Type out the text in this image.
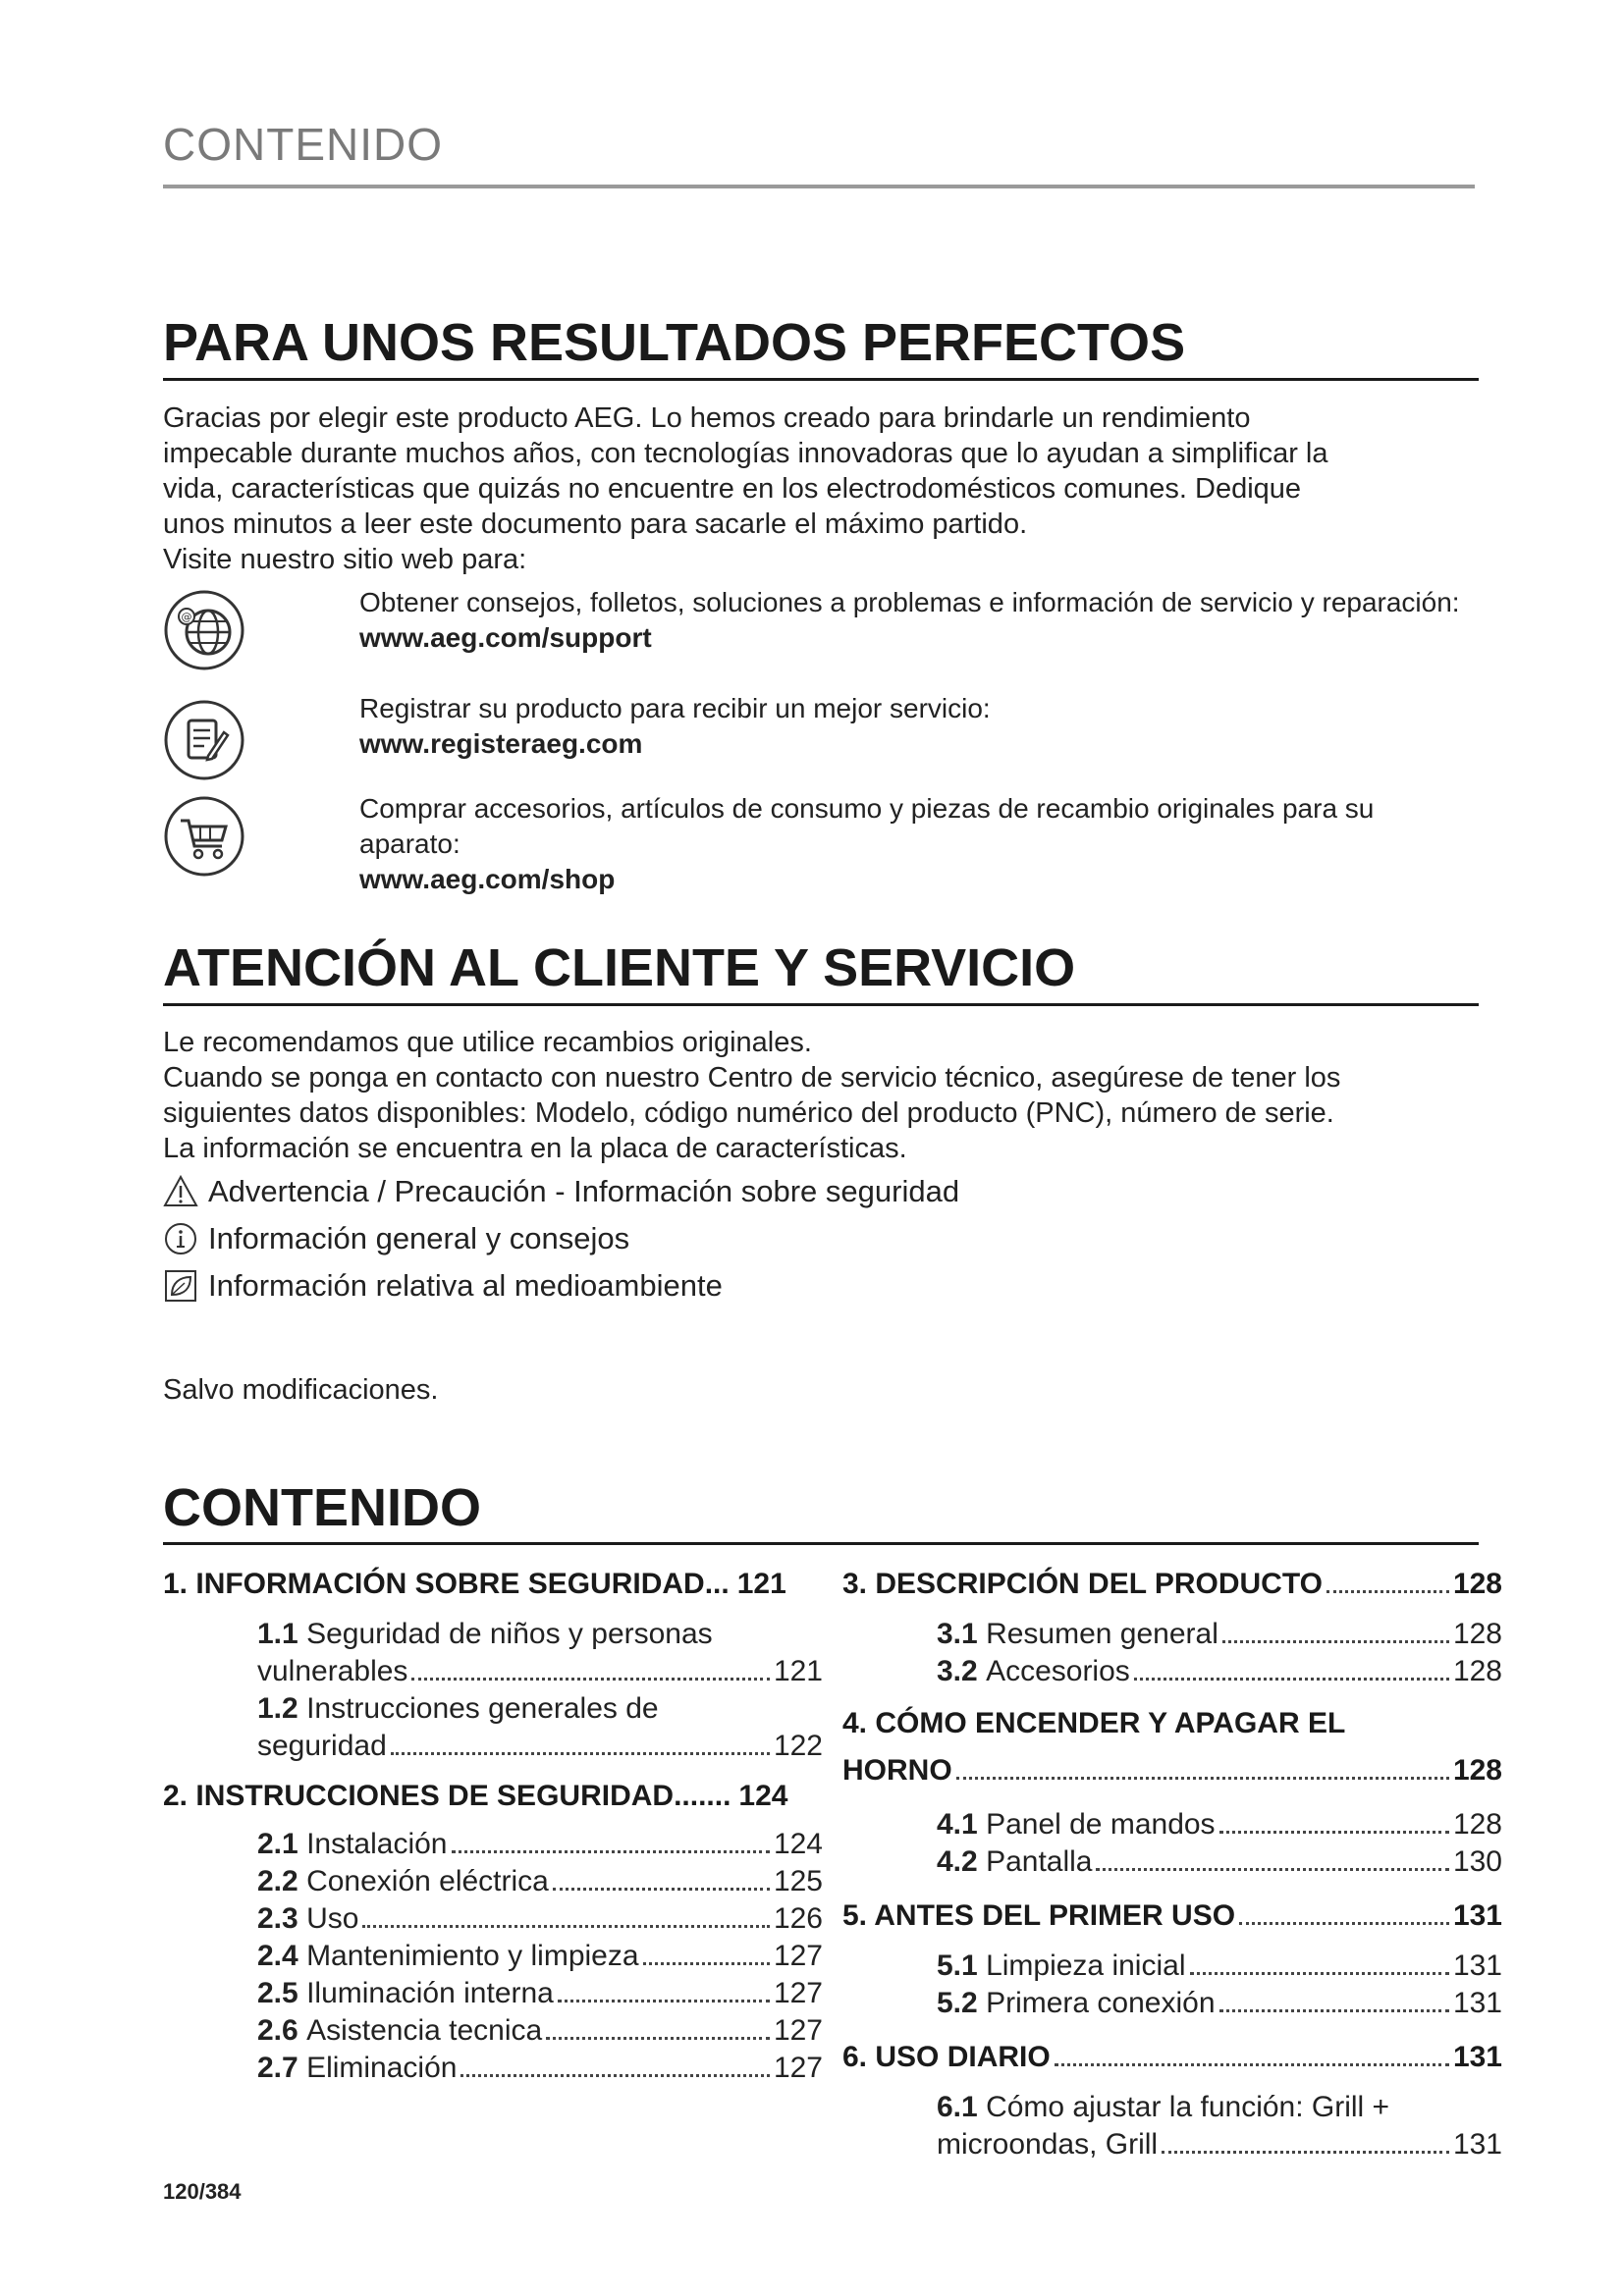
CONTENIDO
PARA UNOS RESULTADOS PERFECTOS

Gracias por elegir este producto AEG. Lo hemos creado para brindarle un rendimiento

impecable durante muchos años, con tecnologías innovadoras que lo ayudan a simplificar la

vida, características que quizás no encuentre en los electrodomésticos comunes. Dedique

unos minutos a leer este documento para sacarle el máximo partido.

Visite nuestro sitio web para:

@	Obtener consejos, folletos, soluciones a problemas e información de servicio y reparación:

www.aeg.com/support

Registrar su producto para recibir un mejor servicio:

www.registeraeg.com

Comprar accesorios, artículos de consumo y piezas de recambio originales para su aparato:

www.aeg.com/shop

ATENCIÓN AL CLIENTE Y SERVICIO

Le recomendamos que utilice recambios originales.

Cuando se ponga en contacto con nuestro Centro de servicio técnico, asegúrese de tener los

siguientes datos disponibles: Modelo, código numérico del producto (PNC), número de serie.

La información se encuentra en la placa de características.

Advertencia / Precaución - Información sobre seguridad
Información general y consejos
Información relativa al medioambiente
Salvo modificaciones.
CONTENIDO
1. INFORMACIÓN SOBRE SEGURIDAD... 121
1.1 Seguridad de niños y personas
vulnerables	121
1.2 Instrucciones generales de
seguridad	122
2. INSTRUCCIONES DE SEGURIDAD....... 124
2.1
Instalación	124
2.2
Conexión eléctrica	125
2.3
Uso	126
2.4
Mantenimiento y limpieza	127
2.5
Iluminación interna	127
2.6
Asistencia tecnica	127
2.7
Eliminación	127
3. DESCRIPCIÓN DEL PRODUCTO	128
3.1
Resumen general	128
3.2
Accesorios	128
4. CÓMO ENCENDER Y APAGAR EL
HORNO	128
4.1
Panel de mandos	128
4.2
Pantalla	130
5. ANTES DEL PRIMER USO	131
5.1
Limpieza inicial	131
5.2
Primera conexión	131
6. USO DIARIO	131
6.1 Cómo ajustar la función: Grill +
microondas, Grill	131
120/384
